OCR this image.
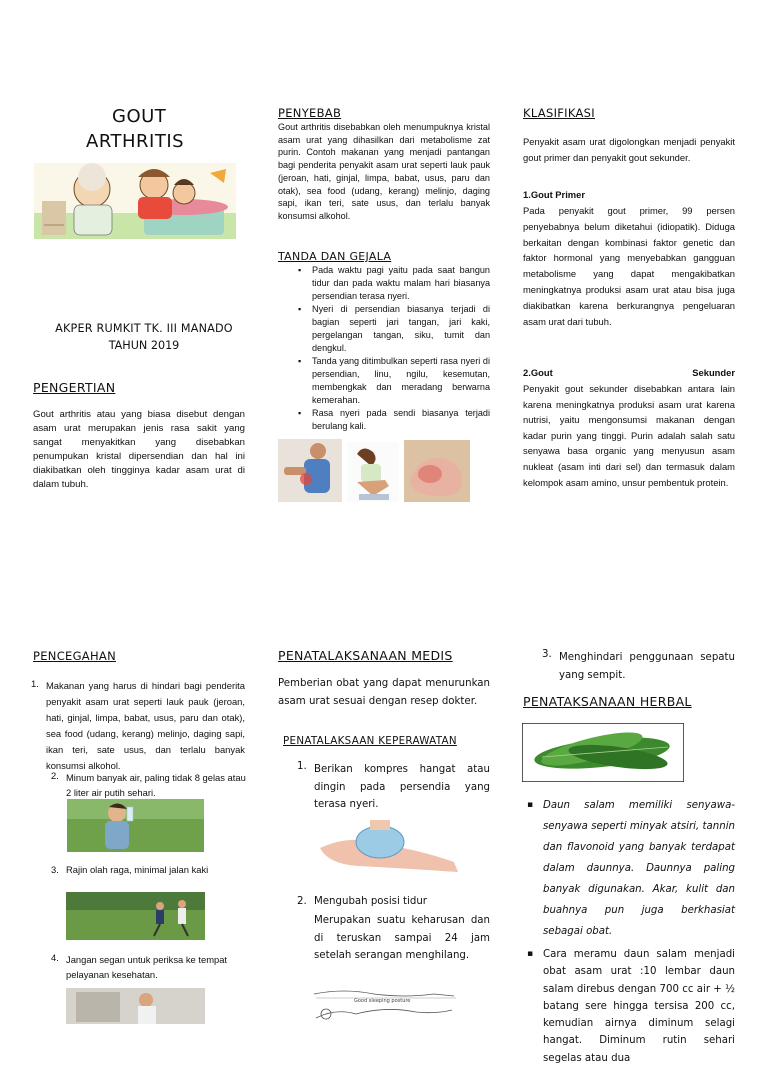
GOUT
ARTHRITIS
AKPER RUMKIT TK. III MANADO
TAHUN 2019
PENGERTIAN
Gout arthritis atau yang biasa disebut dengan asam urat merupakan jenis rasa sakit yang sangat menyakitkan yang disebabkan penumpukan kristal dipersendian dan hal ini diakibatkan oleh tingginya kadar asam urat di dalam tubuh.
PENYEBAB
Gout arthritis disebabkan oleh menumpuknya kristal asam urat yang dihasilkan dari metabolisme zat purin. Contoh makanan yang menjadi pantangan bagi penderita penyakit asam urat seperti lauk pauk (jeroan, hati, ginjal, limpa, babat, usus, paru dan otak), sea food (udang, kerang) melinjo, daging sapi, ikan teri, sate usus, dan terlalu banyak konsumsi alkohol.
TANDA DAN GEJALA
▪ Pada waktu pagi yaitu pada saat bangun tidur dan pada waktu malam hari biasanya persendian terasa nyeri.
▪ Nyeri di persendian biasanya terjadi di bagian seperti jari tangan, jari kaki, pergelangan tangan, siku, tumit dan dengkul.
▪ Tanda yang ditimbulkan seperti rasa nyeri di persendian, linu, ngilu, kesemutan, membengkak dan meradang berwarna kemerahan.
▪ Rasa nyeri pada sendi biasanya terjadi berulang kali.
KLASIFIKASI
Penyakit asam urat digolongkan menjadi penyakit gout primer dan penyakit gout sekunder.
1.Gout Primer
Pada penyakit gout primer, 99 persen penyebabnya belum diketahui (idiopatik). Diduga berkaitan dengan kombinasi faktor genetic dan faktor hormonal yang menyebabkan gangguan metabolisme yang dapat mengakibatkan meningkatnya produksi asam urat atau bisa juga diakibatkan karena berkurangnya pengeluaran asam urat dari tubuh.
2.Gout	Sekunder
Penyakit gout sekunder disebabkan antara lain karena meningkatnya produksi asam urat karena nutrisi, yaitu mengonsumsi makanan dengan kadar purin yang tinggi. Purin adalah salah satu senyawa basa organic yang menyusun asam nukleat (asam inti dari sel) dan termasuk dalam kelompok asam amino, unsur pembentuk protein.
PENCEGAHAN
1. Makanan yang harus di hindari bagi penderita penyakit asam urat seperti lauk pauk (jeroan, hati, ginjal, limpa, babat, usus, paru dan otak), sea food (udang, kerang) melinjo, daging sapi, ikan teri, sate usus, dan terlalu banyak konsumsi alkohol.
2. Minum banyak air, paling tidak 8 gelas atau 2 liter air putih sehari.
3. Rajin olah raga, minimal jalan kaki
4. Jangan segan untuk periksa ke tempat pelayanan kesehatan.
PENATALAKSANAAN MEDIS
Pemberian obat yang dapat menurunkan asam urat sesuai dengan resep dokter.
PENATALAKSAAN KEPERAWATAN
1. Berikan kompres hangat atau dingin pada persendia yang terasa nyeri.
2. Mengubah posisi tidur
Merupakan suatu keharusan dan di teruskan sampai 24 jam setelah serangan menghilang.
Good sleeping posture
3. Menghindari penggunaan sepatu yang sempit.
PENATAKSANAAN HERBAL
▪ Daun salam memiliki senyawa-senyawa seperti minyak atsiri, tannin dan flavonoid yang banyak terdapat dalam daunnya. Daunnya paling banyak digunakan. Akar, kulit dan buahnya pun juga berkhasiat sebagai obat.
▪ Cara meramu daun salam menjadi obat asam urat :10 lembar daun salam direbus dengan 700 cc air + ½ batang sere hingga tersisa 200 cc, kemudian airnya diminum selagi hangat. Diminum rutin sehari segelas atau dua
